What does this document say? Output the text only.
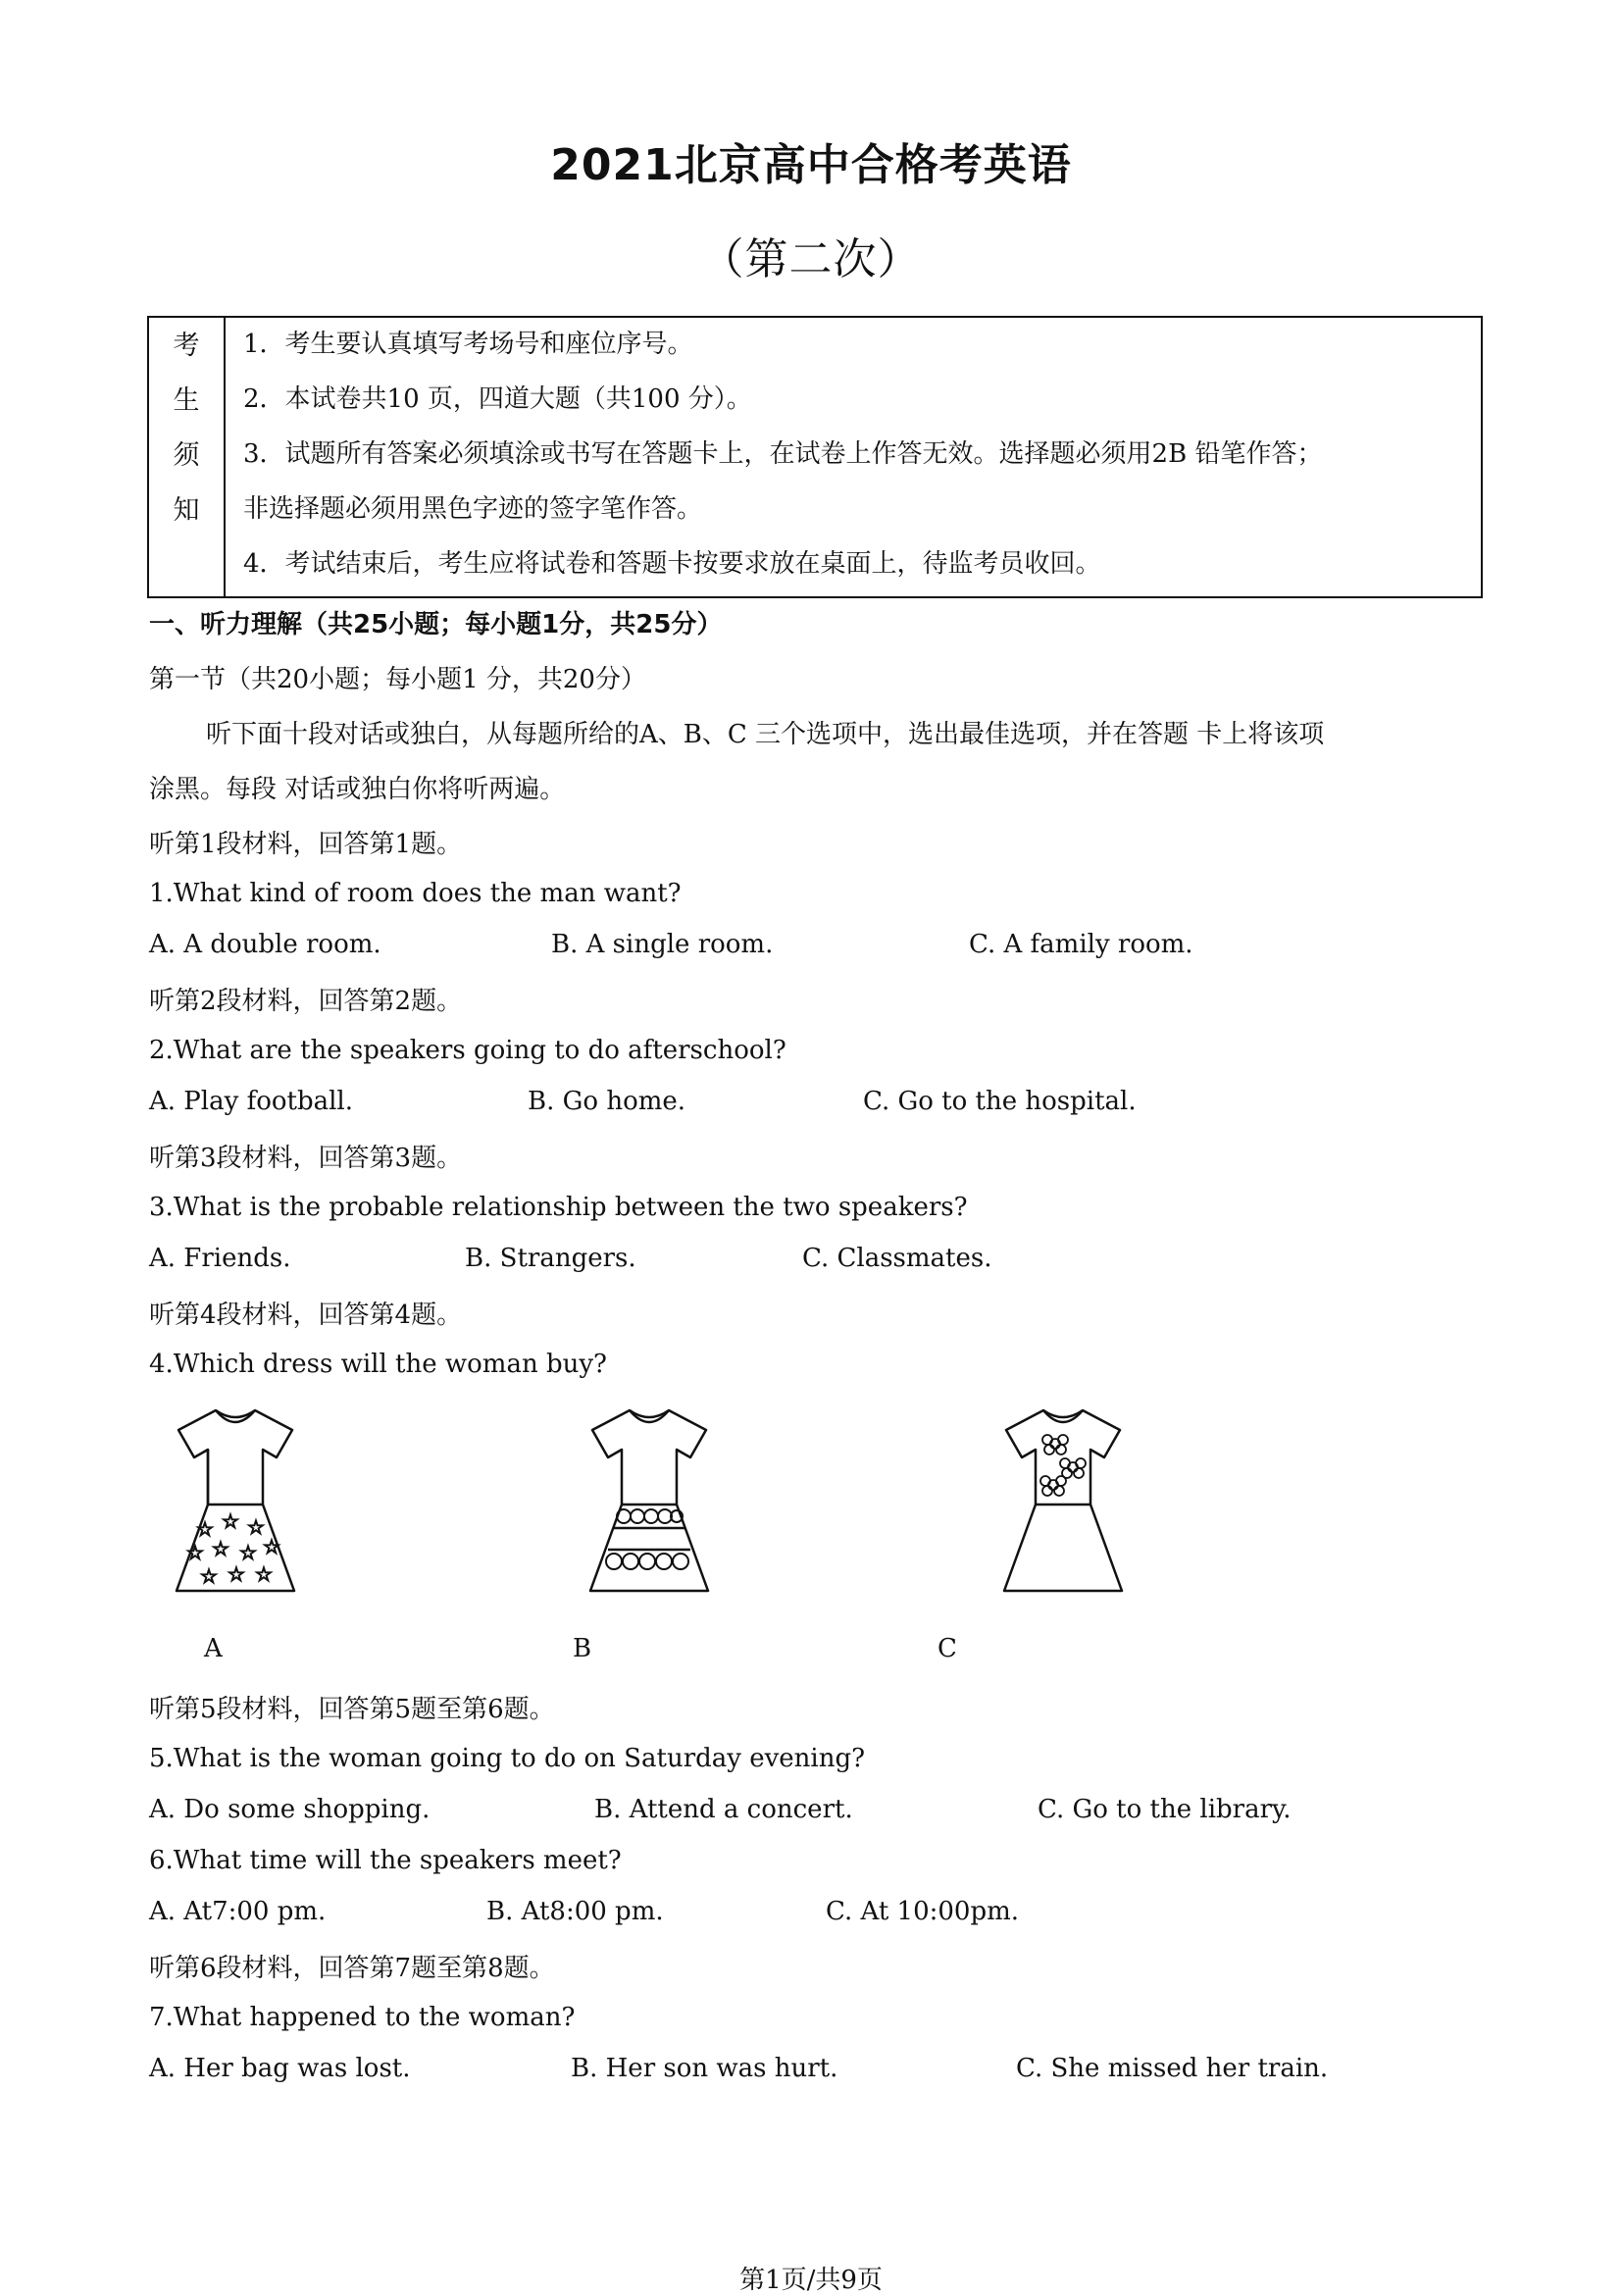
2021北京高中合格考英语
（第二次）
考
生
须
知
1．考生要认真填写考场号和座位序号。
2．本试卷共10 页，四道大题（共100 分）。
3．试题所有答案必须填涂或书写在答题卡上，在试卷上作答无效。选择题必须用2B 铅笔作答；
非选择题必须用黑色字迹的签字笔作答。
4．考试结束后，考生应将试卷和答题卡按要求放在桌面上，待监考员收回。
一、听力理解（共25小题；每小题1分，共25分）
第一节（共20小题；每小题1 分，共20分）
听下面十段对话或独白，从每题所给的A、B、C 三个选项中，选出最佳选项，并在答题 卡上将该项
涂黑。每段 对话或独白你将听两遍。
听第1段材料，回答第1题。
1.What kind of room does the man want?
A. A double room.	B. A single room.	C. A family room.
听第2段材料，回答第2题。
2.What are the speakers going to do afterschool?
A. Play football.	B. Go home.	C. Go to the hospital.
听第3段材料，回答第3题。
3.What is the probable relationship between the two speakers?
A. Friends.	B. Strangers.	C. Classmates.
听第4段材料，回答第4题。
4.Which dress will the woman buy?
☆ ☆ ☆
☆ ☆ ☆ ☆
☆ ☆ ☆
A	B	C
听第5段材料，回答第5题至第6题。
5.What is the woman going to do on Saturday evening?
A. Do some shopping.	B. Attend a concert.	C. Go to the library.
6.What time will the speakers meet?
A. At7:00 pm.	B. At8:00 pm.	C. At 10:00pm.
听第6段材料，回答第7题至第8题。
7.What happened to the woman?
A. Her bag was lost.	B. Her son was hurt.	C. She missed her train.
第1页/共9页
